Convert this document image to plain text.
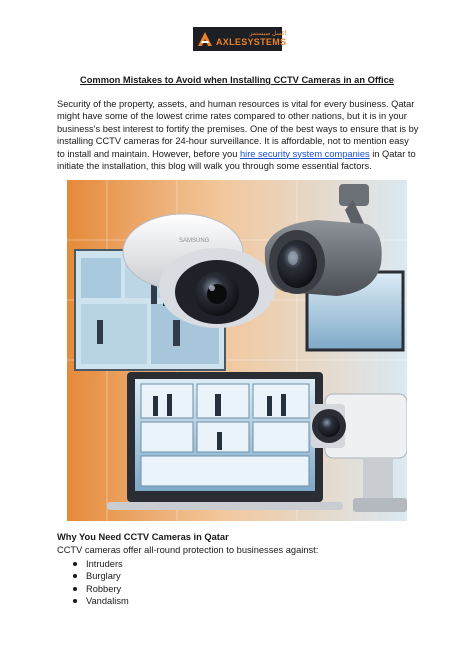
اكسل سيستمز
AXLESYSTEMS
Common Mistakes to Avoid when Installing CCTV Cameras in an Office

Security of the property, assets, and human resources is vital for every business. Qatar might have some of the lowest crime rates compared to other nations, but it is in your business's best interest to fortify the premises. One of the best ways to ensure that is by installing CCTV cameras for 24-hour surveillance. It is affordable, not to mention easy to install and maintain. However, before you hire security system companies in Qatar to initiate the installation, this blog will walk you through some essential factors.

SAMSUNG
Why You Need CCTV Cameras in Qatar
CCTV cameras offer all-round protection to businesses against:
Intruders
Burglary
Robbery
Vandalism
